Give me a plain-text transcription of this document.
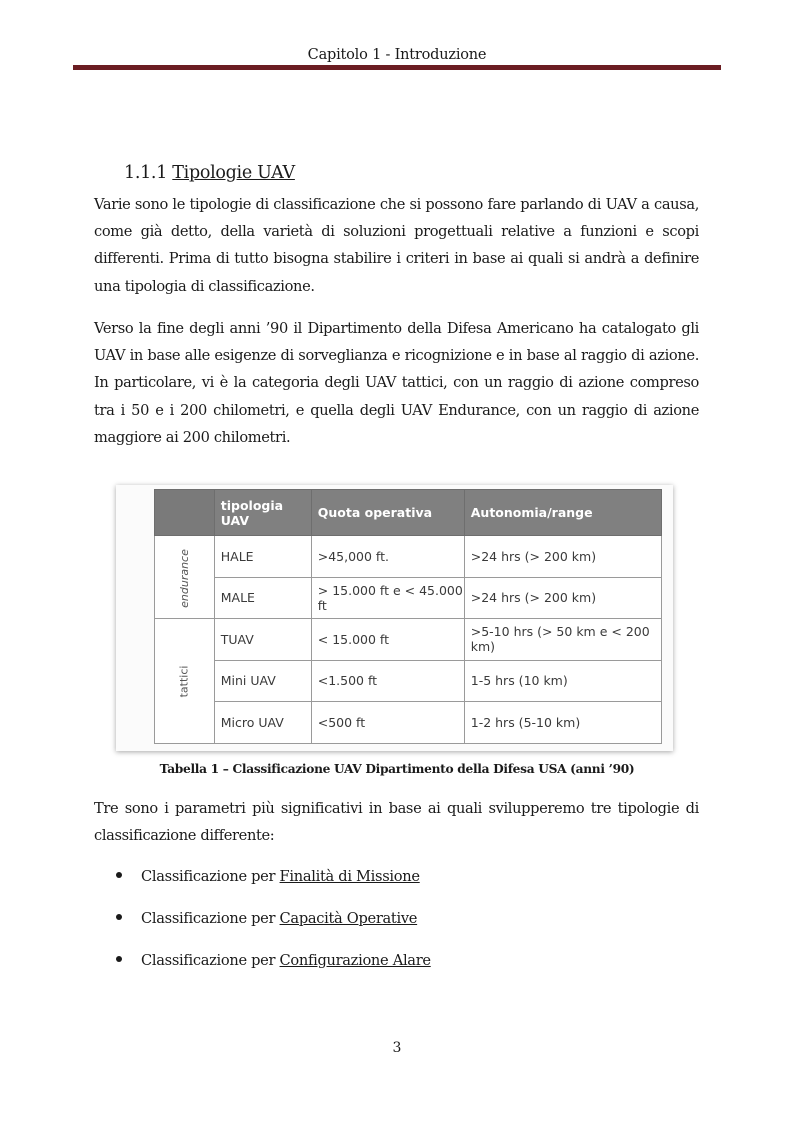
Capitolo 1 - Introduzione
1.1.1 Tipologie UAV

Varie sono le tipologie di classificazione che si possono fare parlando di UAV a causa, come già detto, della varietà di soluzioni progettuali relative a funzioni e scopi differenti. Prima di tutto bisogna stabilire i criteri in base ai quali si andrà a definire una tipologia di classificazione.

Verso la fine degli anni ’90 il Dipartimento della Difesa Americano ha catalogato gli UAV in base alle esigenze di sorveglianza e ricognizione e in base al raggio di azione. In particolare, vi è la categoria degli UAV tattici, con un raggio di azione compreso tra i 50 e i 200 chilometri, e quella degli UAV Endurance, con un raggio di azione maggiore ai 200 chilometri.

	tipologia UAV	Quota operativa	Autonomia/range
endurance	HALE	>45,000 ft.	>24 hrs (> 200 km)
	MALE	> 15.000 ft e < 45.000 ft	>24 hrs (> 200 km)
tattici	TUAV	< 15.000 ft	>5-10 hrs (> 50 km e < 200 km)
	Mini UAV	<1.500 ft	1-5 hrs (10 km)
	Micro UAV	<500 ft	1-2 hrs (5-10 km)
Tabella 1 – Classificazione UAV Dipartimento della Difesa USA (anni ’90)

Tre sono i parametri più significativi in base ai quali svilupperemo tre tipologie di classificazione differente:

Classificazione per Finalità di Missione
Classificazione per Capacità Operative
Classificazione per Configurazione Alare
3
